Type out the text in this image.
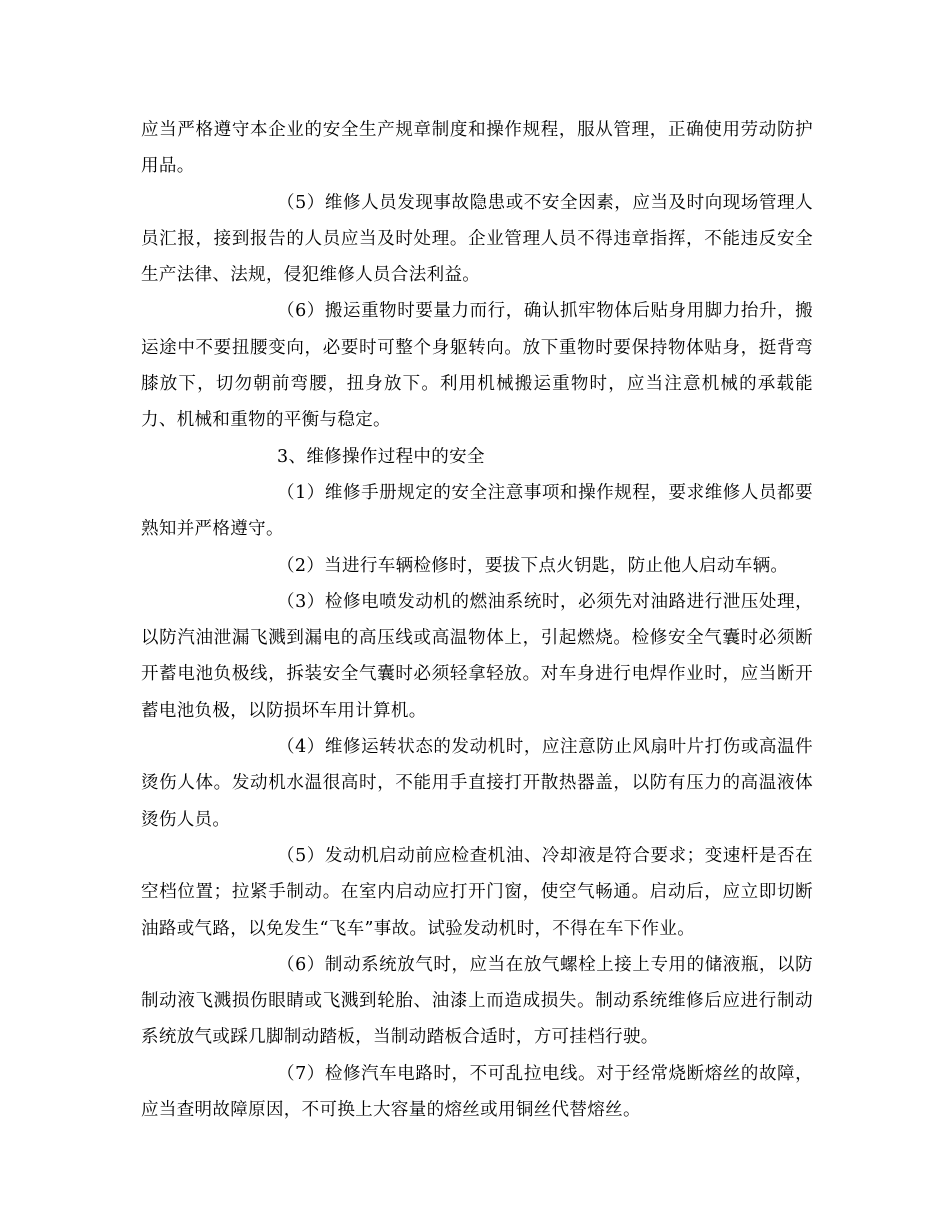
应当严格遵守本企业的安全生产规章制度和操作规程，服从管理，正确使用劳动防护用品。

（5）维修人员发现事故隐患或不安全因素，应当及时向现场管理人员汇报，接到报告的人员应当及时处理。企业管理人员不得违章指挥，不能违反安全生产法律、法规，侵犯维修人员合法利益。

（6）搬运重物时要量力而行，确认抓牢物体后贴身用脚力抬升，搬运途中不要扭腰变向，必要时可整个身躯转向。放下重物时要保持物体贴身，挺背弯膝放下，切勿朝前弯腰，扭身放下。利用机械搬运重物时，应当注意机械的承载能力、机械和重物的平衡与稳定。

3、维修操作过程中的安全

（1）维修手册规定的安全注意事项和操作规程，要求维修人员都要熟知并严格遵守。

（2）当进行车辆检修时，要拔下点火钥匙，防止他人启动车辆。

（3）检修电喷发动机的燃油系统时，必须先对油路进行泄压处理，以防汽油泄漏飞溅到漏电的高压线或高温物体上，引起燃烧。检修安全气囊时必须断开蓄电池负极线，拆装安全气囊时必须轻拿轻放。对车身进行电焊作业时，应当断开蓄电池负极，以防损坏车用计算机。

（4）维修运转状态的发动机时，应注意防止风扇叶片打伤或高温件烫伤人体。发动机水温很高时，不能用手直接打开散热器盖，以防有压力的高温液体烫伤人员。

（5）发动机启动前应检查机油、冷却液是符合要求；变速杆是否在空档位置；拉紧手制动。在室内启动应打开门窗，使空气畅通。启动后，应立即切断油路或气路，以免发生“飞车”事故。试验发动机时，不得在车下作业。

（6）制动系统放气时，应当在放气螺栓上接上专用的储液瓶，以防制动液飞溅损伤眼睛或飞溅到轮胎、油漆上而造成损失。制动系统维修后应进行制动系统放气或踩几脚制动踏板，当制动踏板合适时，方可挂档行驶。

（7）检修汽车电路时，不可乱拉电线。对于经常烧断熔丝的故障，应当查明故障原因，不可换上大容量的熔丝或用铜丝代替熔丝。
